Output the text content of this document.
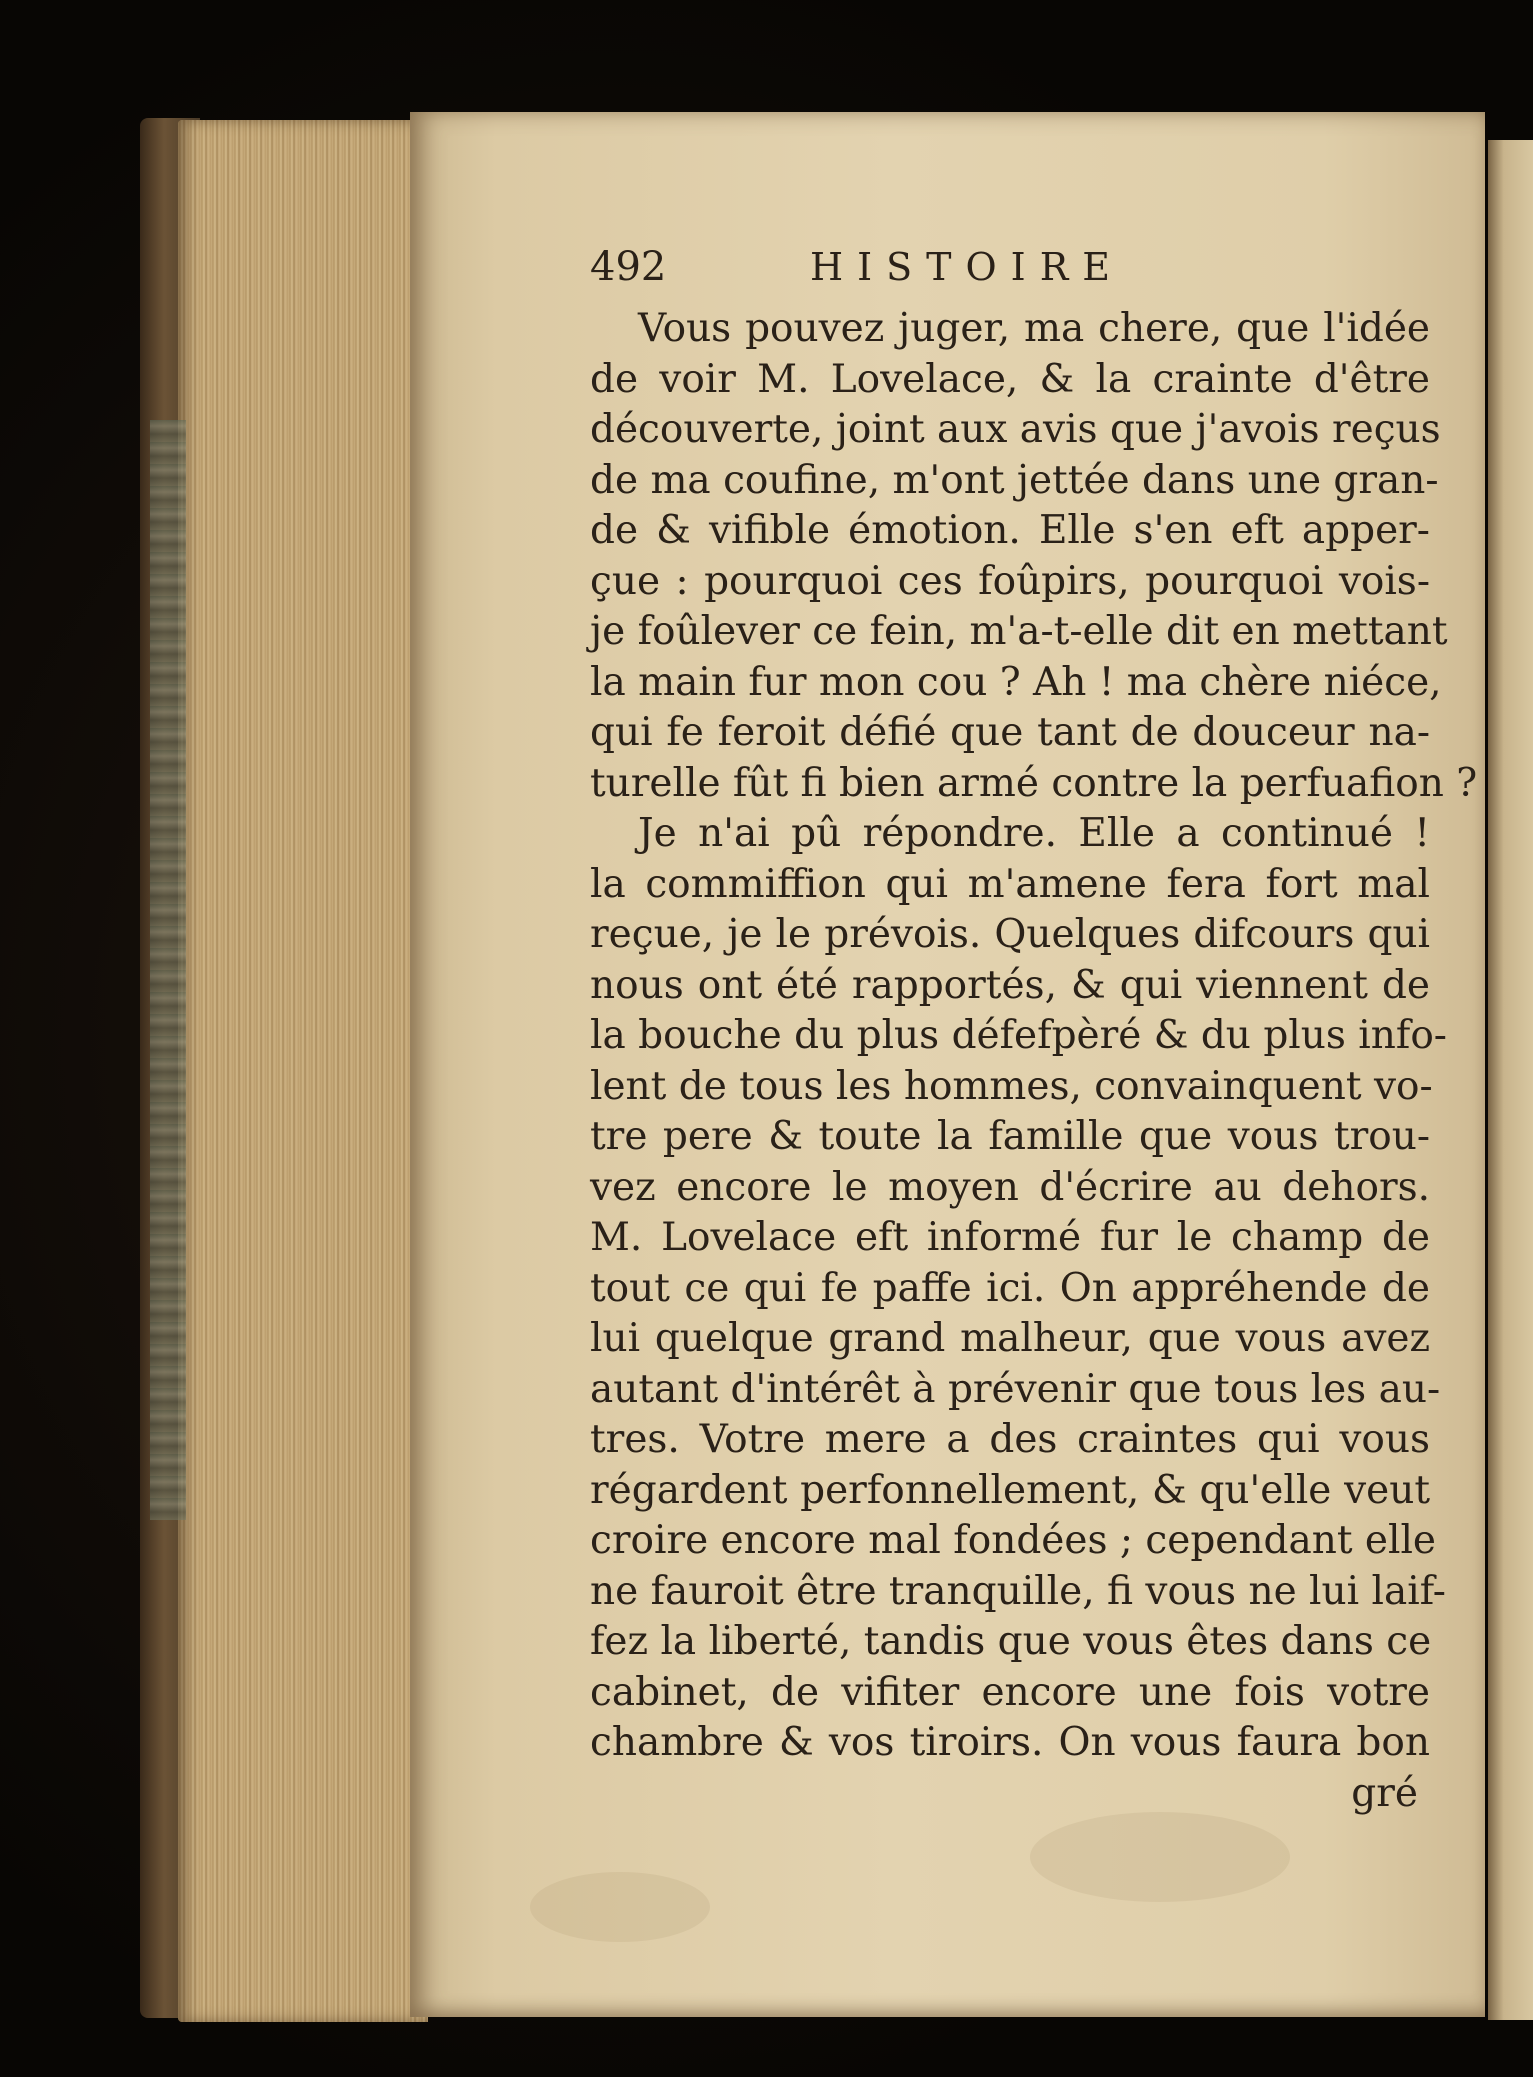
492	HISTOIRE
Vous pouvez juger, ma chere, que l'idée
de voir M. Lovelace, & la crainte d'être
découverte, joint aux avis que j'avois reçus
de ma coufine, m'ont jettée dans une gran-
de & vifible émotion. Elle s'en eft apper-
çue : pourquoi ces foûpirs, pourquoi vois-
je foûlever ce fein, m'a-t-elle dit en mettant
la main fur mon cou ? Ah ! ma chère niéce,
qui fe feroit défié que tant de douceur na-
turelle fût fi bien armé contre la perfuafion ?
Je n'ai pû répondre. Elle a continué !
la commiffion qui m'amene fera fort mal
reçue, je le prévois. Quelques difcours qui
nous ont été rapportés, & qui viennent de
la bouche du plus défefpèré & du plus info-
lent de tous les hommes, convainquent vo-
tre pere & toute la famille que vous trou-
vez encore le moyen d'écrire au dehors.
M. Lovelace eft informé fur le champ de
tout ce qui fe paffe ici. On appréhende de
lui quelque grand malheur, que vous avez
autant d'intérêt à prévenir que tous les au-
tres. Votre mere a des craintes qui vous
régardent perfonnellement, & qu'elle veut
croire encore mal fondées ; cependant elle
ne fauroit être tranquille, fi vous ne lui laif-
fez la liberté, tandis que vous êtes dans ce
cabinet, de vifiter encore une fois votre
chambre & vos tiroirs. On vous faura bon
gré
